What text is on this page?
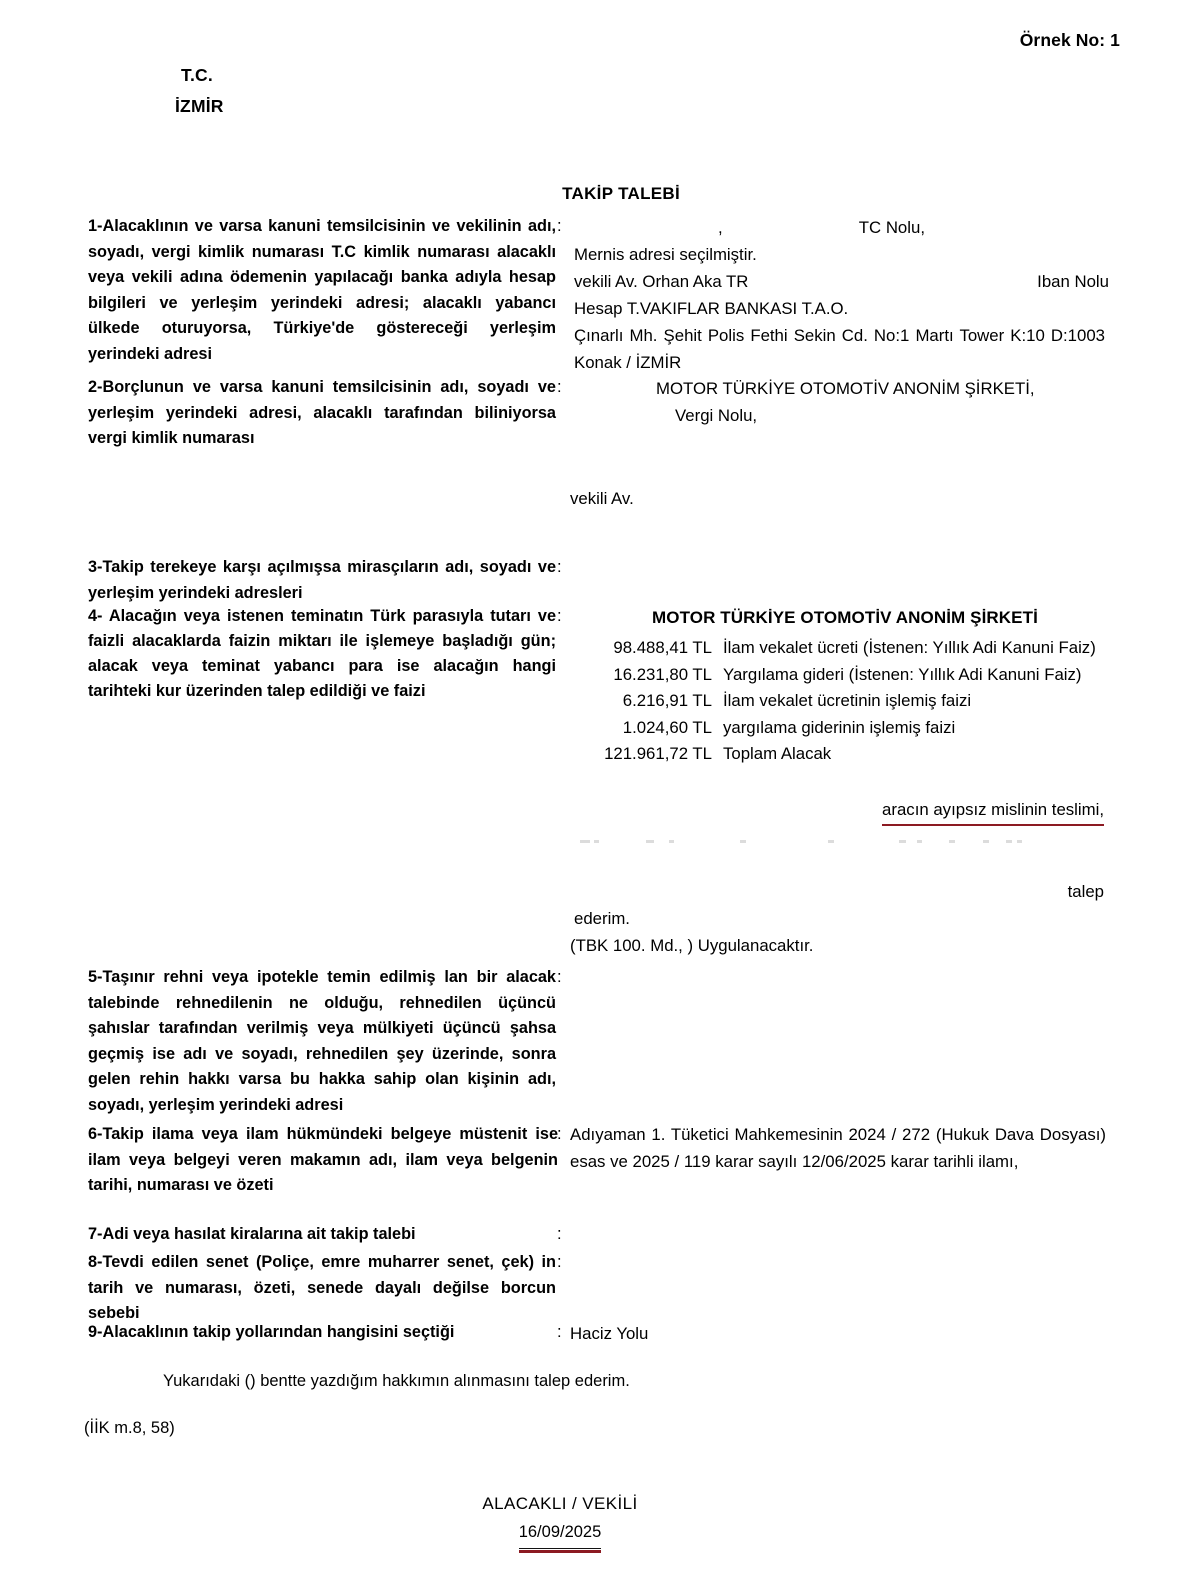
Örnek No: 1
T.C.
İZMİR
TAKİP TALEBİ
1-Alacaklının ve varsa kanuni temsilcisinin ve vekilinin adı, soyadı, vergi kimlik numarası T.C kimlik numarası alacaklı veya vekili adına ödemenin yapılacağı banka adıyla hesap bilgileri ve yerleşim yerindeki adresi; alacaklı yabancı ülkede oturuyorsa, Türkiye'de göstereceği yerleşim yerindeki adresi
:	,	TC Nolu,
Mernis adresi seçilmiştir.
vekili Av. Orhan Aka TR	Iban Nolu
Hesap T.VAKIFLAR BANKASI T.A.O.
Çınarlı Mh. Şehit Polis Fethi Sekin Cd. No:1 Martı Tower K:10 D:1003 Konak / İZMİR
2-Borçlunun ve varsa kanuni temsilcisinin adı, soyadı ve yerleşim yerindeki adresi, alacaklı tarafından biliniyorsa vergi kimlik numarası
:	MOTOR TÜRKİYE OTOMOTİV ANONİM ŞİRKETİ,
Vergi Nolu,
vekili Av.
3-Takip terekeye karşı açılmışsa mirasçıların adı, soyadı ve yerleşim yerindeki adresleri
:
4- Alacağın veya istenen teminatın Türk parasıyla tutarı ve faizli alacaklarda faizin miktarı ile işlemeye başladığı gün; alacak veya teminat yabancı para ise alacağın hangi tarihteki kur üzerinden talep edildiği ve faizi
:	MOTOR TÜRKİYE OTOMOTİV ANONİM ŞİRKETİ
98.488,41 TL	İlam vekalet ücreti (İstenen: Yıllık Adi Kanuni Faiz)
16.231,80 TL	Yargılama gideri (İstenen: Yıllık Adi Kanuni Faiz)
6.216,91 TL	İlam vekalet ücretinin işlemiş faizi
1.024,60 TL	yargılama giderinin işlemiş faizi
121.961,72 TL	Toplam Alacak
aracın ayıpsız mislinin teslimi,
talep
ederim.
(TBK 100. Md., ) Uygulanacaktır.
5-Taşınır rehni veya ipotekle temin edilmiş lan bir alacak talebinde rehnedilenin ne olduğu, rehnedilen üçüncü şahıslar tarafından verilmiş veya mülkiyeti üçüncü şahsa geçmiş ise adı ve soyadı, rehnedilen şey üzerinde, sonra gelen rehin hakkı varsa bu hakka sahip olan kişinin adı, soyadı, yerleşim yerindeki adresi
:
6-Takip ilama veya ilam hükmündeki belgeye müstenit ise ilam veya belgeyi veren makamın adı, ilam veya belgenin tarihi, numarası ve özeti
: Adıyaman 1. Tüketici Mahkemesinin 2024 / 272 (Hukuk Dava Dosyası) esas ve 2025 / 119 karar sayılı 12/06/2025 karar tarihli ilamı,
7-Adi veya hasılat kiralarına ait takip talebi	:
8-Tevdi edilen senet (Poliçe, emre muharrer senet, çek) in tarih ve numarası, özeti, senede dayalı değilse borcun sebebi
:
9-Alacaklının takip yollarından hangisini seçtiği	: Haciz Yolu
Yukarıdaki () bentte yazdığım hakkımın alınmasını talep ederim.
(İİK m.8, 58)
ALACAKLI / VEKİLİ
16/09/2025
